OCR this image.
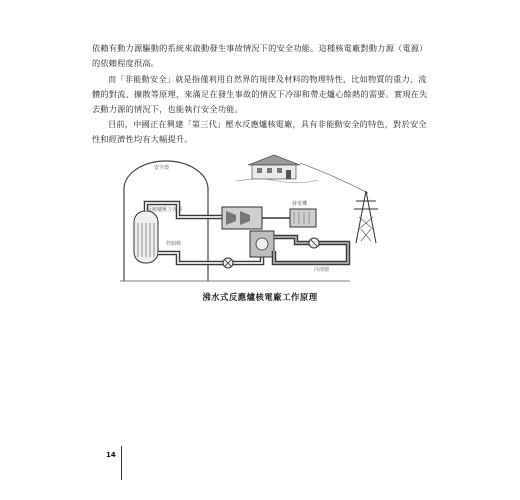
依賴有動力源驅動的系統來啟動發生事故情況下的安全功能。這種核電廠對動力源（電源）的依賴程度很高。

而「非能動安全」就是指僅利用自然界的規律及材料的物理特性，比如物質的重力、流體的對流、擴散等原理，來滿足在發生事故的情況下冷卻和帶走爐心餘熱的需要。實現在失去動力源的情況下，也能執行安全功能。

目前，中國正在興建「第三代」壓水反應爐核電廠，具有非能動安全的特色，對於安全性和經濟性均有大幅提升。

安全殼
反應爐壓力容器
控制棒
發電機
冷卻器
沸水式反應爐核電廠工作原理
14
